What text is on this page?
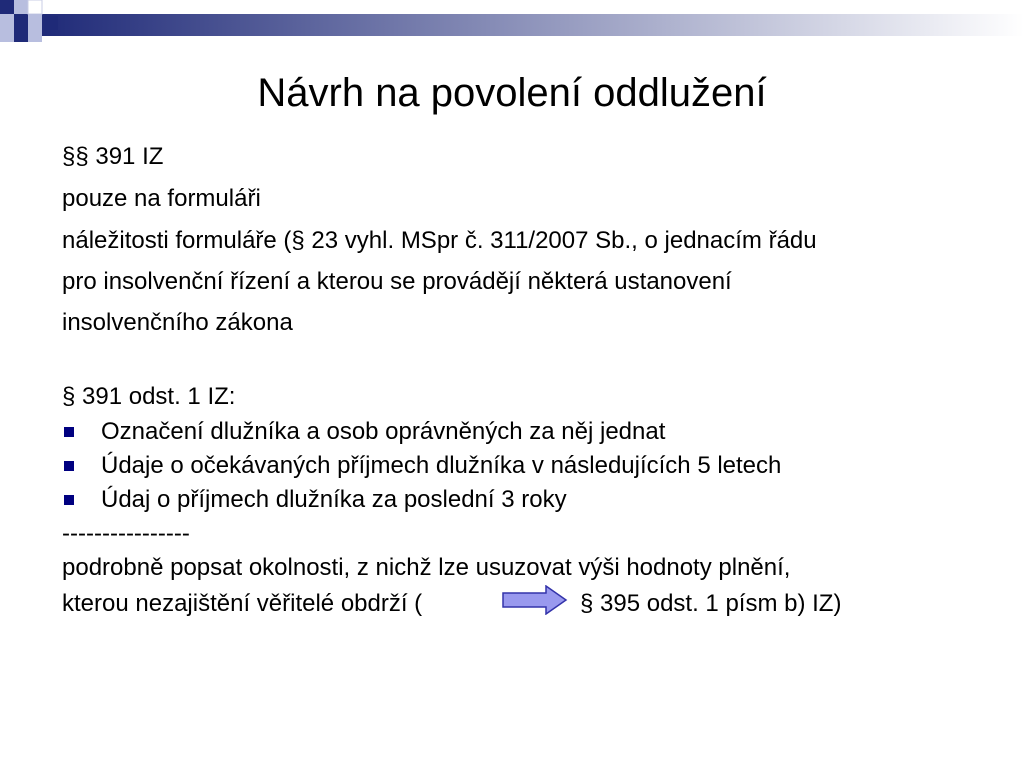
Návrh na povolení oddlužení
§§ 391 IZ
pouze na formuláři
náležitosti formuláře (§ 23 vyhl. MSpr č. 311/2007 Sb., o jednacím řádu
pro insolvenční řízení a kterou se provádějí některá ustanovení
insolvenčního zákona
§ 391 odst. 1 IZ:
Označení dlužníka a osob oprávněných za něj jednat
Údaje o očekávaných příjmech dlužníka v následujících 5 letech
Údaj o příjmech dlužníka za poslední 3 roky
----------------
podrobně popsat okolnosti, z nichž lze usuzovat výši hodnoty plnění,
kterou nezajištění věřitelé obdrží (	§ 395 odst. 1 písm b) IZ)
